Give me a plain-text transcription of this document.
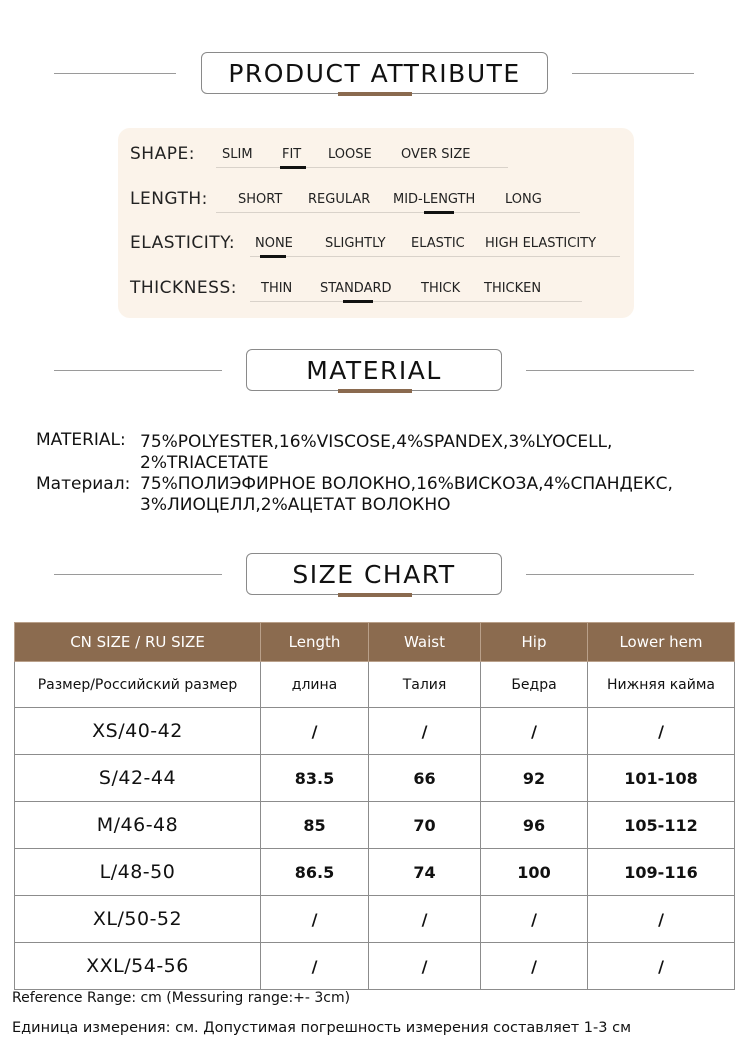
PRODUCT ATTRIBUTE
SHAPE: SLIM FIT LOOSE OVER SIZE
LENGTH: SHORT REGULAR MID-LENGTH LONG
ELASTICITY: NONE SLIGHTLY ELASTIC HIGH ELASTICITY
THICKNESS: THIN STANDARD THICK THICKEN
MATERIAL
MATERIAL: 75%POLYESTER,16%VISCOSE,4%SPANDEX,3%LYOCELL, 2%TRIACETATE
Материал: 75%ПОЛИЭФИРНОЕ ВОЛОКНО,16%ВИСКОЗА,4%СПАНДЕКС, 3%ЛИОЦЕЛЛ,2%АЦЕТАТ ВОЛОКНО
SIZE CHART
CN SIZE / RU SIZE	Length	Waist	Hip	Lower hem
Размер/Российский размер	длина	Талия	Бедра	Нижняя кайма
XS/40-42	/	/	/	/
S/42-44	83.5	66	92	101-108
M/46-48	85	70	96	105-112
L/48-50	86.5	74	100	109-116
XL/50-52	/	/	/	/
XXL/54-56	/	/	/	/
Reference Range: cm (Messuring range:+- 3cm)
Единица измерения: см. Допустимая погрешность измерения составляет 1-3 см
